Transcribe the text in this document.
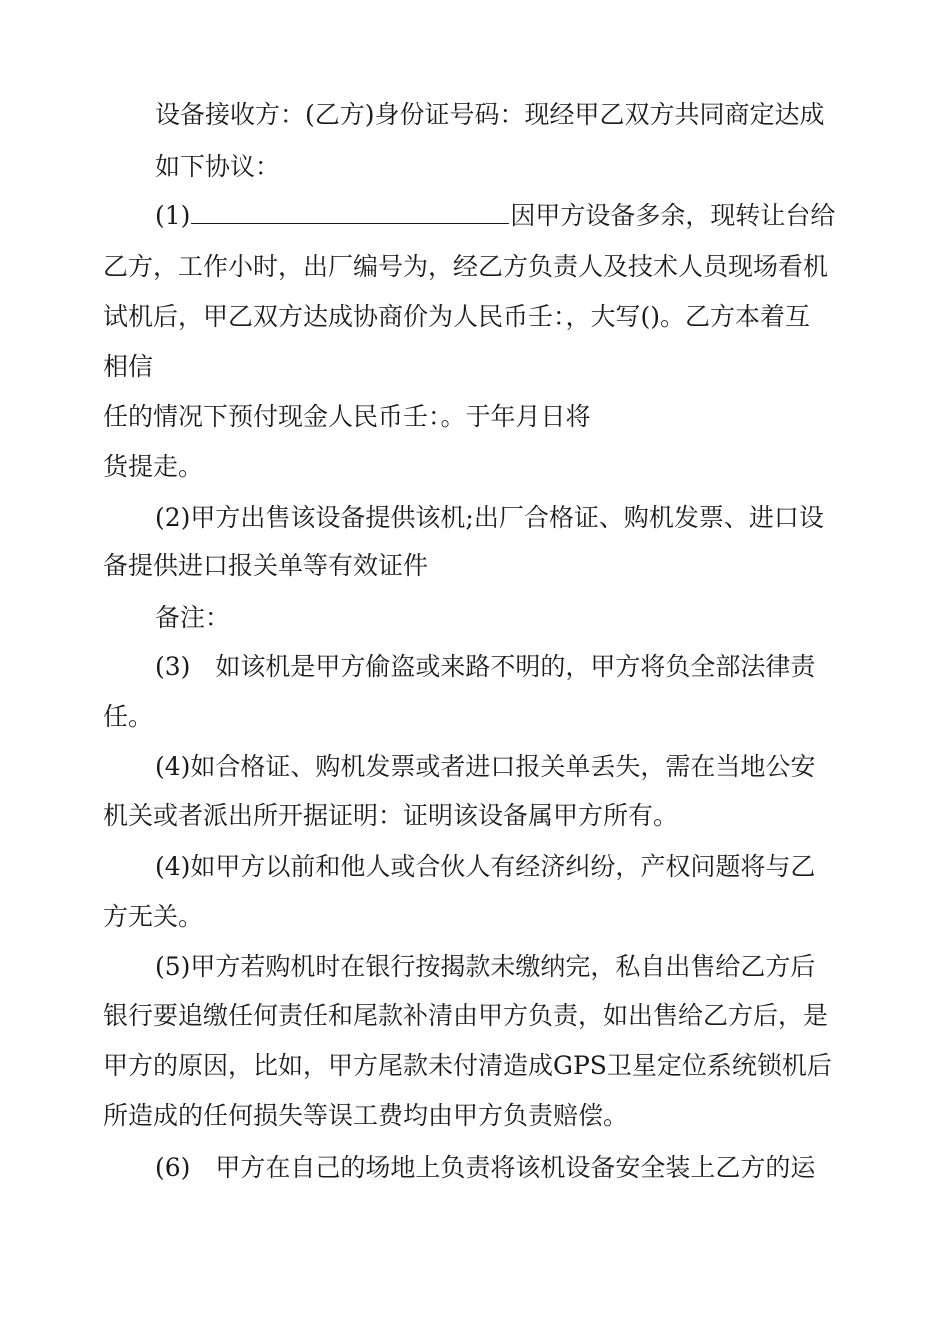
设备接收方：(乙方)身份证号码：现经甲乙双方共同商定达成
如下协议：
(1)	因甲方设备多余，现转让台给
乙方，工作小时，出厂编号为，经乙方负责人及技术人员现场看机
试机后，甲乙双方达成协商价为人民币壬：，大写()。乙方本着互
相信
任的情况下预付现金人民币壬：。于年月日将
货提走。
(2)甲方出售该设备提供该机;出厂合格证、购机发票、进口设
备提供进口报关单等有效证件
备注：
(3)　如该机是甲方偷盗或来路不明的，甲方将负全部法律责
任。
(4)如合格证、购机发票或者进口报关单丢失，需在当地公安
机关或者派出所开据证明：证明该设备属甲方所有。
(4)如甲方以前和他人或合伙人有经济纠纷，产权问题将与乙
方无关。
(5)甲方若购机时在银行按揭款未缴纳完，私自出售给乙方后
银行要追缴任何责任和尾款补清由甲方负责，如出售给乙方后，是
甲方的原因，比如，甲方尾款未付清造成GPS卫星定位系统锁机后
所造成的任何损失等误工费均由甲方负责赔偿。
(6)　甲方在自己的场地上负责将该机设备安全装上乙方的运
